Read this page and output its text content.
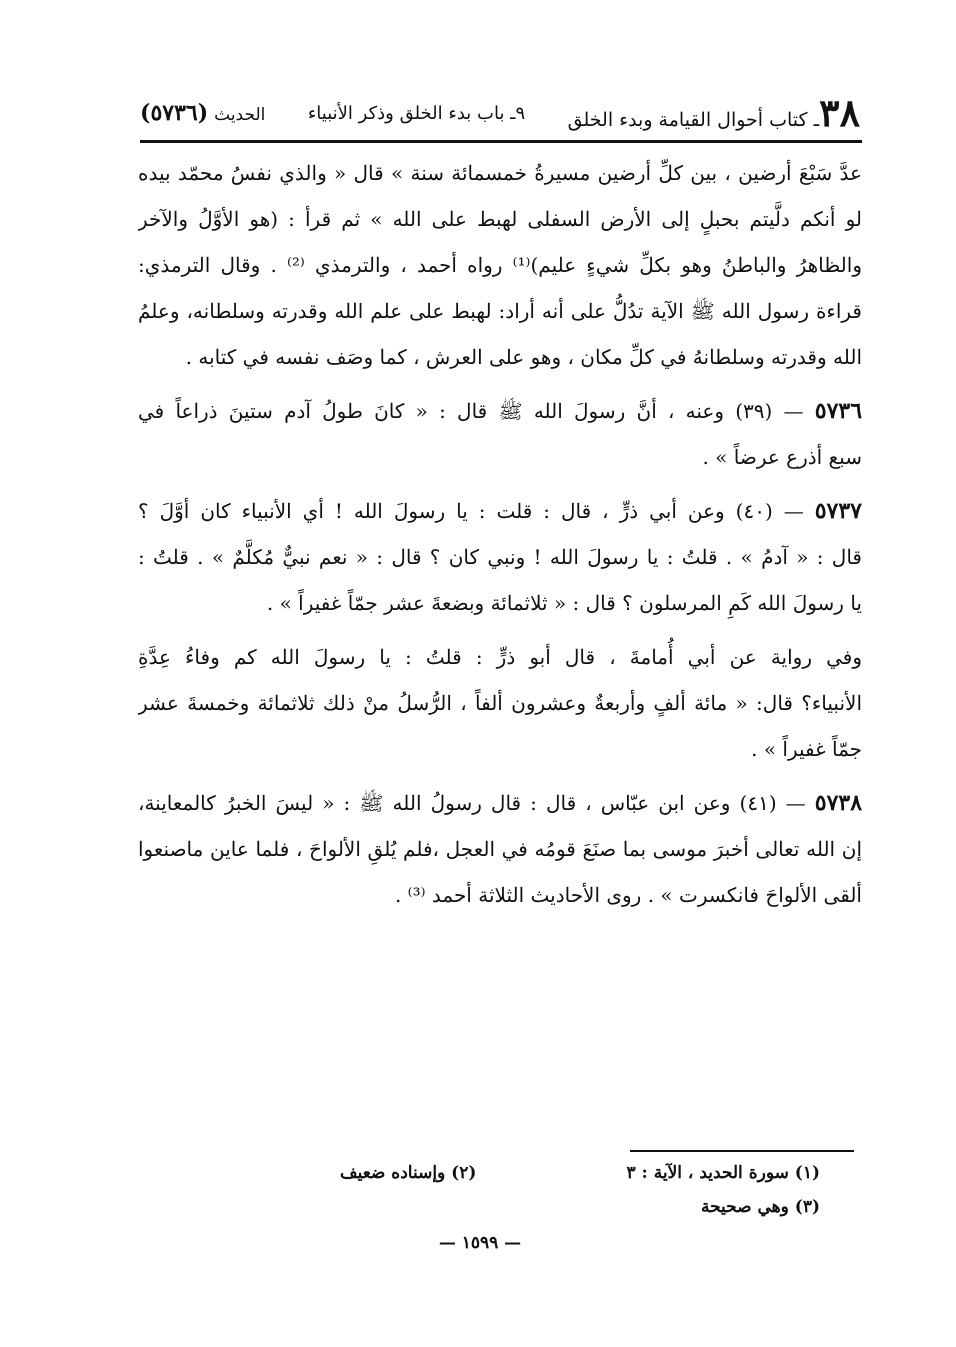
٣٨ـ كتاب أحوال القيامة وبدء الخلق
٩ـ باب بدء الخلق وذكر الأنبياء
الحديث
(٥٧٣٦)
عدَّ سَبْعَ أرضين ، بين كلِّ أرضين مسيرةُ خمسمائة سنة » قال « والذي نفسُ محمّد بيده
لو أنكم دلَّيتم بحبلٍ إلى الأرض السفلى لهبط على الله » ثم قرأ : (هو الأوَّلُ والآخر
والظاهرُ والباطنُ وهو بكلِّ شيءٍ عليم)⁽¹⁾ رواه أحمد ، والترمذي ⁽²⁾ . وقال الترمذي:
قراءة رسول الله ﷺ الآية تدُلُّ على أنه أراد: لهبط على علم الله وقدرته وسلطانه، وعلمُ
الله وقدرته وسلطانهُ في كلِّ مكان ، وهو على العرش ، كما وصَف نفسه في كتابه .
٥٧٣٦ — (٣٩) وعنه ، أنَّ رسولَ الله ﷺ قال : « كانَ طولُ آدم ستينَ ذراعاً في
سبع أذرع عرضاً » .
٥٧٣٧ — (٤٠) وعن أبي ذرٍّ ، قال : قلت : يا رسولَ الله ! أي الأنبياء كان أوَّلَ ؟
قال : « آدمُ » . قلتُ : يا رسولَ الله ! ونبي كان ؟ قال : « نعم نبيٌّ مُكلَّمٌ » . قلتُ :
يا رسولَ الله كَمِ المرسلون ؟ قال : « ثلاثمائة وبضعةَ عشر جمّاً غفيراً » .
وفي رواية عن أبي أُمامةَ ، قال أبو ذرٍّ : قلتُ : يا رسولَ الله كم وفاءُ عِدَّةِ
الأنبياء؟ قال: « مائة ألفٍ وأربعةٌ وعشرون ألفاً ، الرُّسلُ منْ ذلك ثلاثمائة وخمسةَ عشر
جمّاً غفيراً » .
٥٧٣٨ — (٤١) وعن ابن عبّاس ، قال : قال رسولُ الله ﷺ : « ليسَ الخبرُ كالمعاينة،
إن الله تعالى أخبرَ موسى بما صنَعَ قومُه في العجل ،فلم يُلقِ الألواحَ ، فلما عاين ماصنعوا
ألقى الألواحَ فانكسرت » . روى الأحاديث الثلاثة أحمد ⁽³⁾ .
(١) سورة الحديد ، الآية : ٣
(٢) وإسناده ضعيف
(٣) وهي صحيحة
— ١٥٩٩ —
